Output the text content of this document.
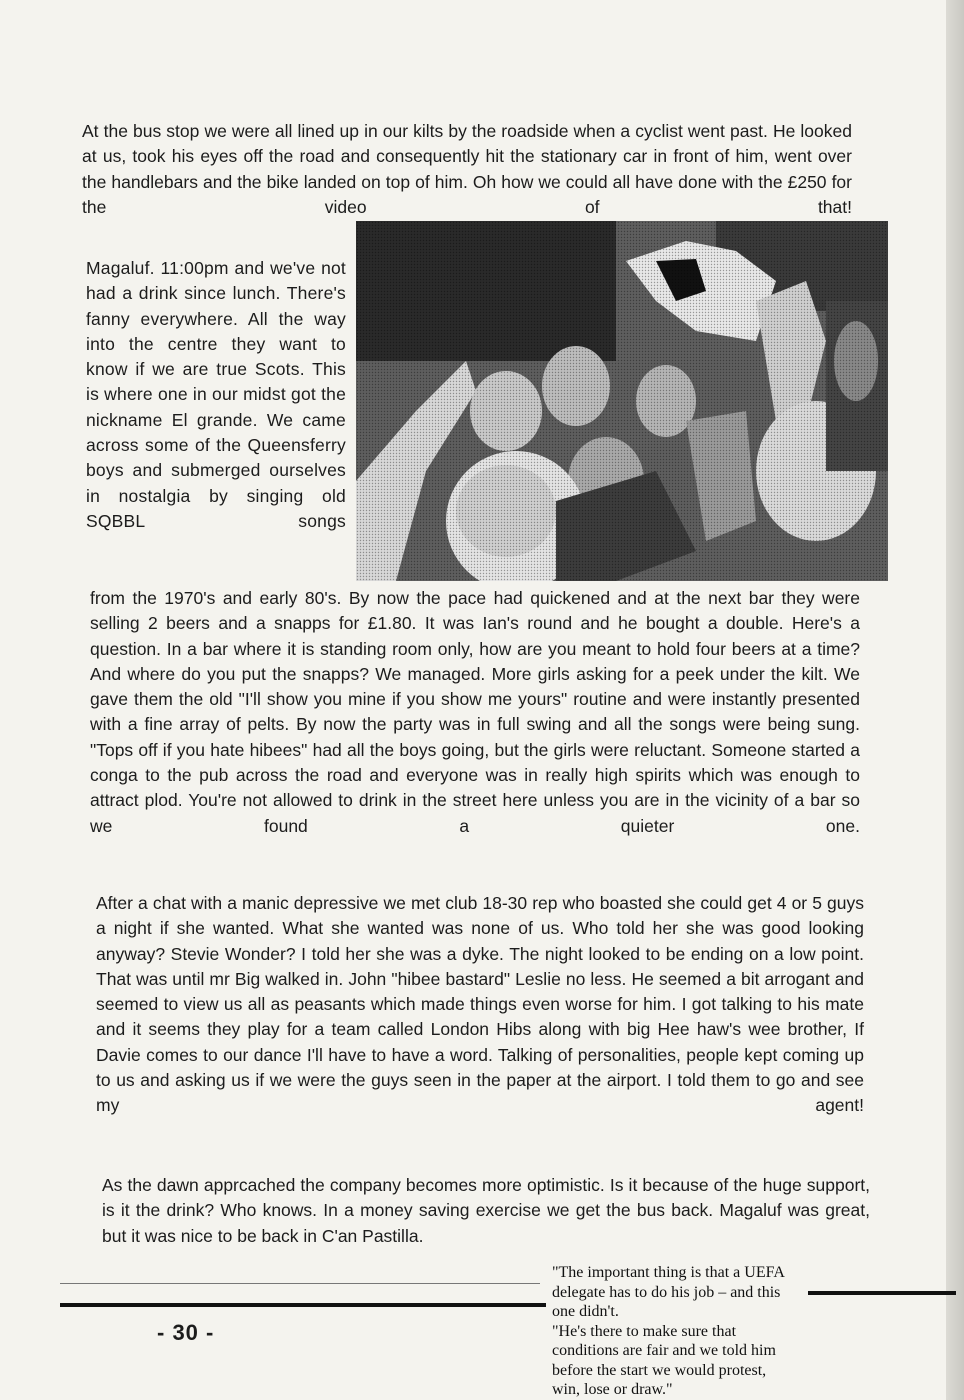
At the bus stop we were all lined up in our kilts by the roadside when a cyclist went past. He looked at us, took his eyes off the road and consequently hit the stationary car in front of him, went over the handlebars and the bike landed on top of him. Oh how we could all have done with the £250 for the video of that!

Magaluf. 11:00pm and we've not had a drink since lunch. There's fanny everywhere. All the way into the centre they want to know if we are true Scots. This is where one in our midst got the nickname El grande. We came across some of the Queensferry boys and submerged ourselves in nostalgia by singing old SQBBL songs

from the 1970's and early 80's. By now the pace had quickened and at the next bar they were selling 2 beers and a snapps for £1.80. It was Ian's round and he bought a double. Here's a question. In a bar where it is standing room only, how are you meant to hold four beers at a time? And where do you put the snapps? We managed. More girls asking for a peek under the kilt. We gave them the old "I'll show you mine if you show me yours" routine and were instantly presented with a fine array of pelts. By now the party was in full swing and all the songs were being sung. "Tops off if you hate hibees" had all the boys going, but the girls were reluctant. Someone started a conga to the pub across the road and everyone was in really high spirits which was enough to attract plod. You're not allowed to drink in the street here unless you are in the vicinity of a bar so we found a quieter one.

After a chat with a manic depressive we met club 18-30 rep who boasted she could get 4 or 5 guys a night if she wanted. What she wanted was none of us. Who told her she was good looking anyway? Stevie Wonder? I told her she was a dyke. The night looked to be ending on a low point. That was until mr Big walked in. John "hibee bastard" Leslie no less. He seemed a bit arrogant and seemed to view us all as peasants which made things even worse for him. I got talking to his mate and it seems they play for a team called London Hibs along with big Hee haw's wee brother, If Davie comes to our dance I'll have to have a word. Talking of personalities, people kept coming up to us and asking us if we were the guys seen in the paper at the airport. I told them to go and see my agent!

As the dawn apprcached the company becomes more optimistic. Is it because of the huge support, is it the drink? Who knows. In a money saving exercise we get the bus back. Magaluf was great, but it was nice to be back in C'an Pastilla.

- 30 -

"The important thing is that a UEFA delegate has to do his job – and this one didn't.

"He's there to make sure that conditions are fair and we told him before the start we would protest, win, lose or draw."
